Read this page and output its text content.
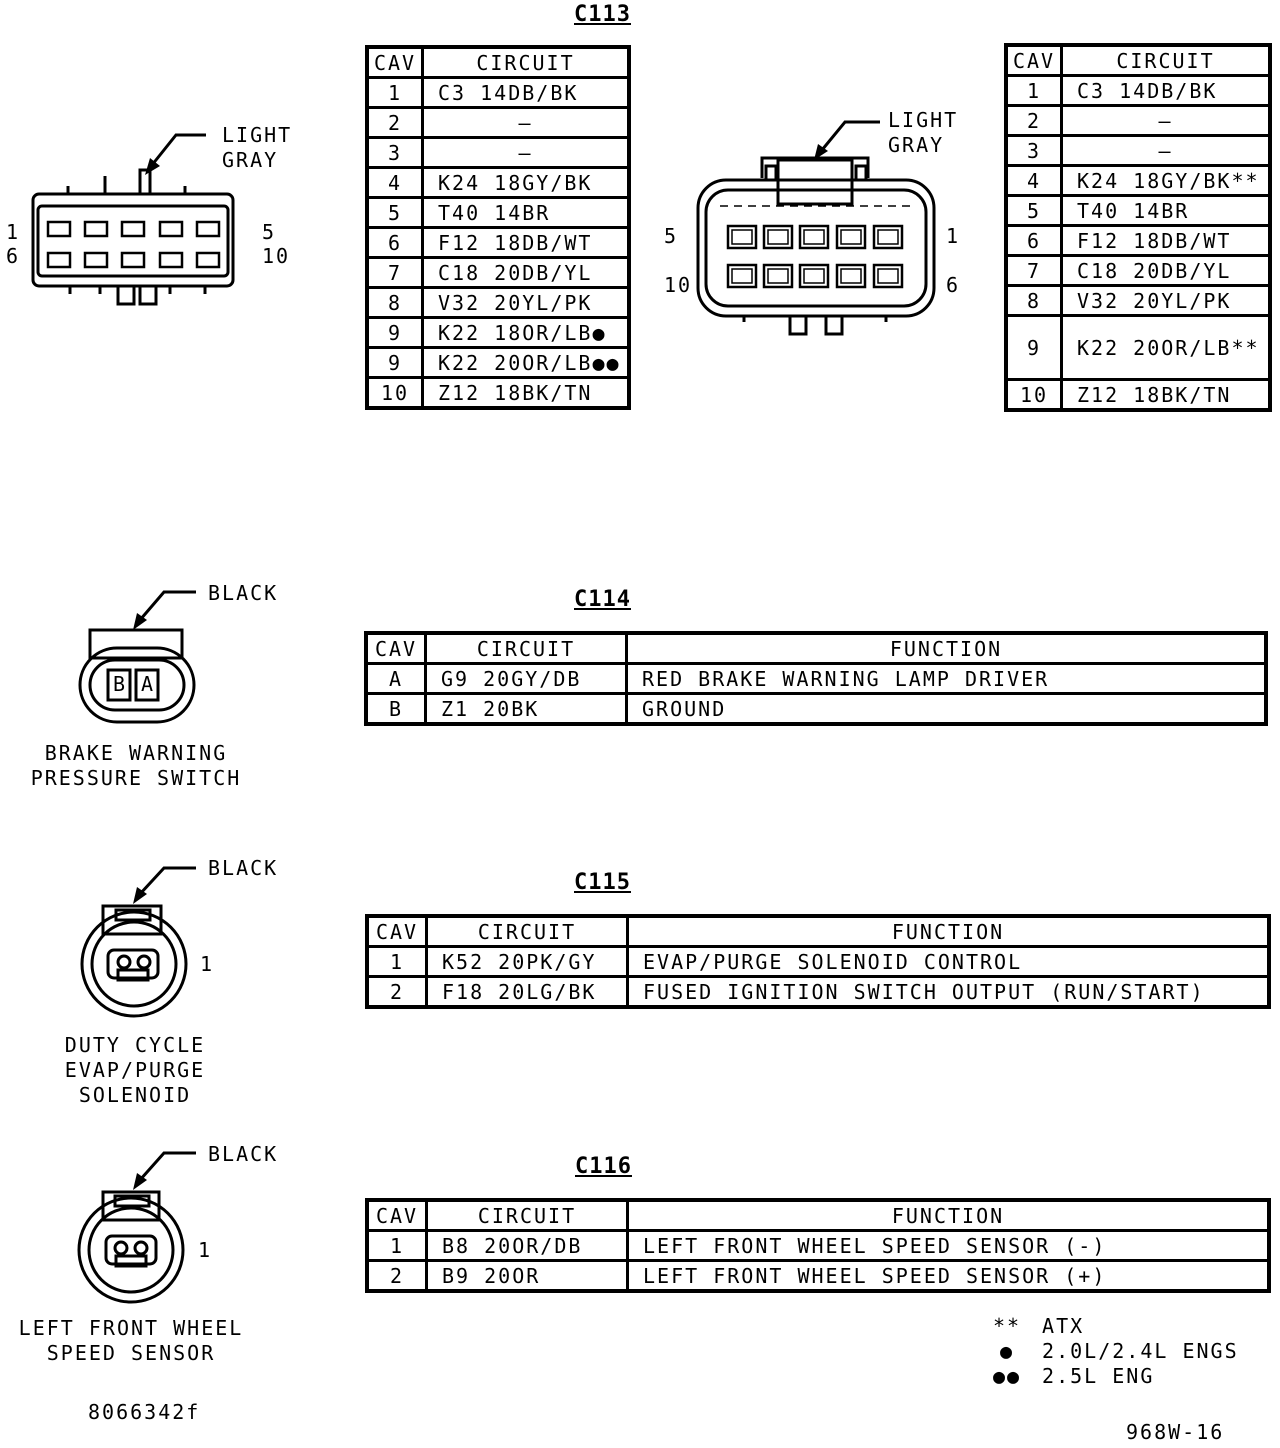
C113
LIGHT
GRAY
1
6
5
10
CAV	CIRCUIT
1	C3 14DB/BK
2	–
3	–
4	K24 18GY/BK
5	T40 14BR
6	F12 18DB/WT
7	C18 20DB/YL
8	V32 20YL/PK
9	K22 18OR/LB●
9	K22 20OR/LB●●
10	Z12 18BK/TN
LIGHT
GRAY
5
10
1
6
CAV	CIRCUIT
1	C3 14DB/BK
2	–
3	–
4	K24 18GY/BK**
5	T40 14BR
6	F12 18DB/WT
7	C18 20DB/YL
8	V32 20YL/PK
9	K22 20OR/LB**
10	Z12 18BK/TN
C114
B A
BLACK
BRAKE WARNING
PRESSURE SWITCH
CAV	CIRCUIT	FUNCTION
A	G9 20GY/DB	RED BRAKE WARNING LAMP DRIVER
B	Z1 20BK	GROUND
C115
BLACK
1
DUTY CYCLE
EVAP/PURGE
SOLENOID
CAV	CIRCUIT	FUNCTION
1	K52 20PK/GY	EVAP/PURGE SOLENOID CONTROL
2	F18 20LG/BK	FUSED IGNITION SWITCH OUTPUT (RUN/START)
C116
BLACK
1
LEFT FRONT WHEEL
SPEED SENSOR
CAV	CIRCUIT	FUNCTION
1	B8 20OR/DB	LEFT FRONT WHEEL SPEED SENSOR (-)
2	B9 20OR	LEFT FRONT WHEEL SPEED SENSOR (+)
** ATX
● 2.0L/2.4L ENGS
●● 2.5L ENG
8066342f
968W-16
